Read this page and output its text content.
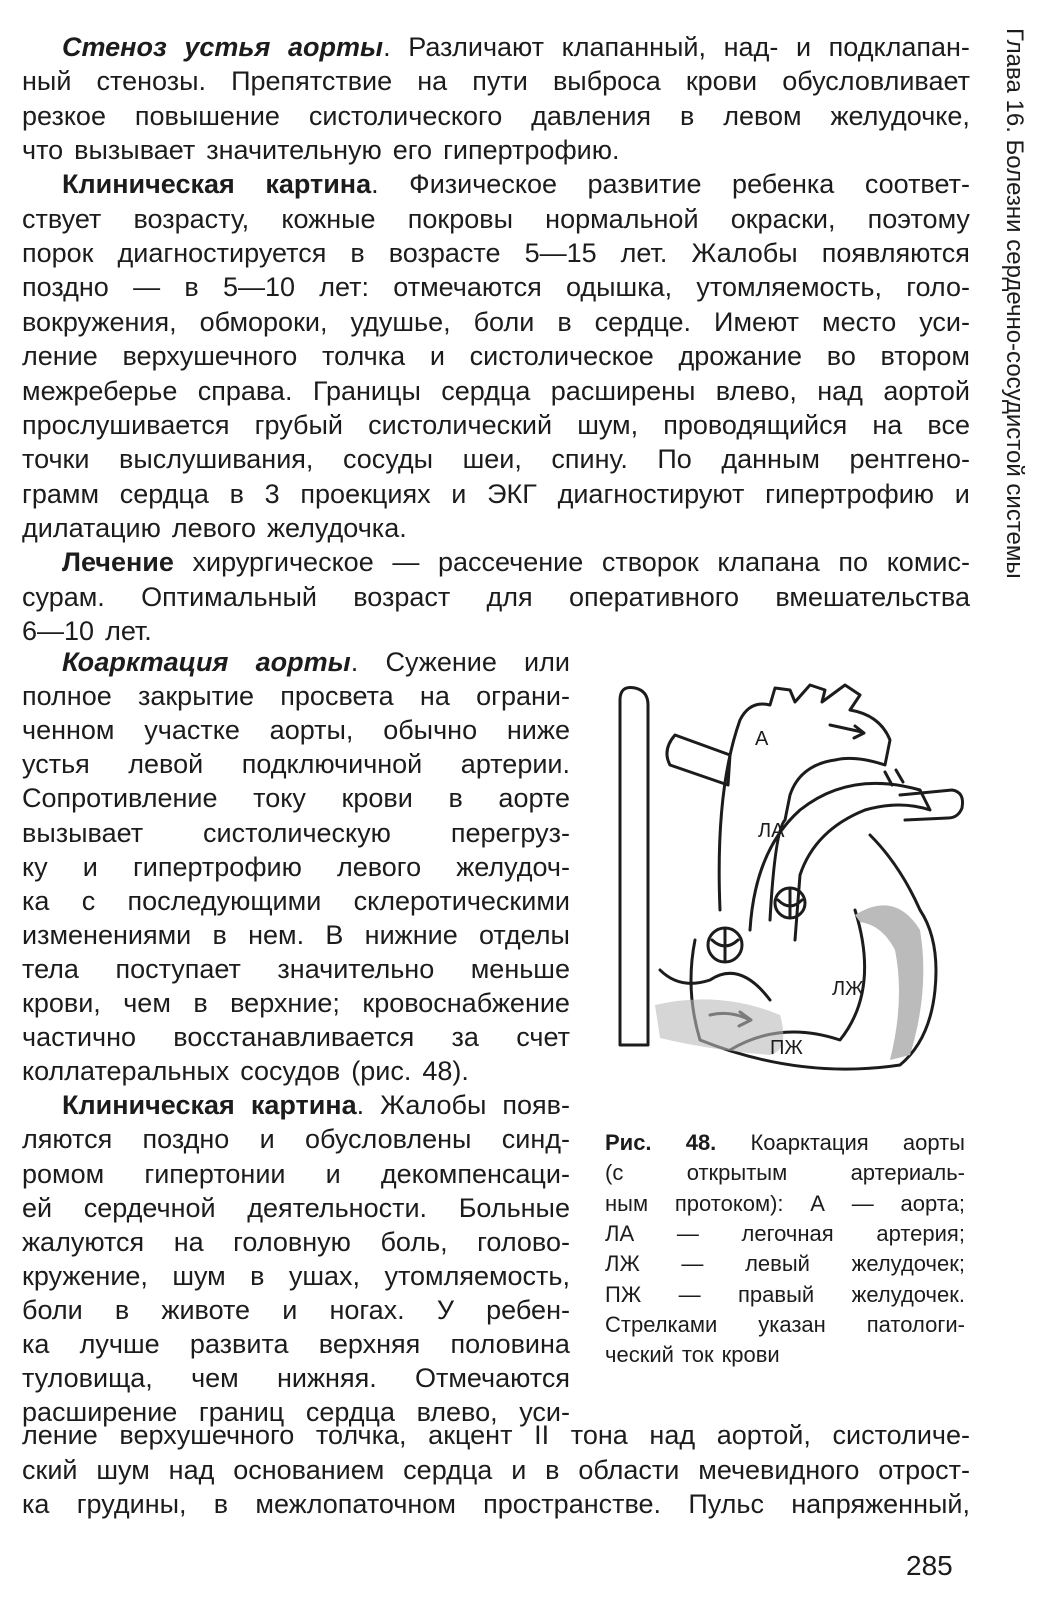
Глава 16. Болезни сердечно-сосудистой системы
Стеноз устья аорты. Различают клапанный, над- и подклапан-
ный стенозы. Препятствие на пути выброса крови обусловливает
резкое повышение систолического давления в левом желудочке,
что вызывает значительную его гипертрофию.
Клиническая картина. Физическое развитие ребенка соответ-
ствует возрасту, кожные покровы нормальной окраски, поэтому
порок диагностируется в возрасте 5—15 лет. Жалобы появляются
поздно — в 5—10 лет: отмечаются одышка, утомляемость, голо-
вокружения, обмороки, удушье, боли в сердце. Имеют место уси-
ление верхушечного толчка и систолическое дрожание во втором
межреберье справа. Границы сердца расширены влево, над аортой
прослушивается грубый систолический шум, проводящийся на все
точки выслушивания, сосуды шеи, спину. По данным рентгено-
грамм сердца в 3 проекциях и ЭКГ диагностируют гипертрофию и
дилатацию левого желудочка.
Лечение хирургическое — рассечение створок клапана по комис-
сурам. Оптимальный возраст для оперативного вмешательства
6—10 лет.
Коарктация аорты. Сужение или
полное закрытие просвета на ограни-
ченном участке аорты, обычно ниже
устья левой подключичной артерии.
Сопротивление току крови в аорте
вызывает систолическую перегруз-
ку и гипертрофию левого желудоч-
ка с последующими склеротическими
изменениями в нем. В нижние отделы
тела поступает значительно меньше
крови, чем в верхние; кровоснабжение
частично восстанавливается за счет
коллатеральных сосудов (рис. 48).
Клиническая картина. Жалобы появ-
ляются поздно и обусловлены синд-
ромом гипертонии и декомпенсаци-
ей сердечной деятельности. Больные
жалуются на головную боль, голово-
кружение, шум в ушах, утомляемость,
боли в животе и ногах. У ребен-
ка лучше развита верхняя половина
туловища, чем нижняя. Отмечаются
расширение границ сердца влево, уси-
ление верхушечного толчка, акцент II тона над аортой, систоличе-
ский шум над основанием сердца и в области мечевидного отрост-
ка грудины, в межлопаточном пространстве. Пульс напряженный,
А
ЛА
ЛЖ
ПЖ
Рис. 48. Коарктация аорты
(с	открытым	артериаль-
ным протоком): А — аорта;
ЛА — легочная артерия;
ЛЖ — левый желудочек;
ПЖ — правый желудочек.
Стрелками указан патологи-
ческий ток крови
285
